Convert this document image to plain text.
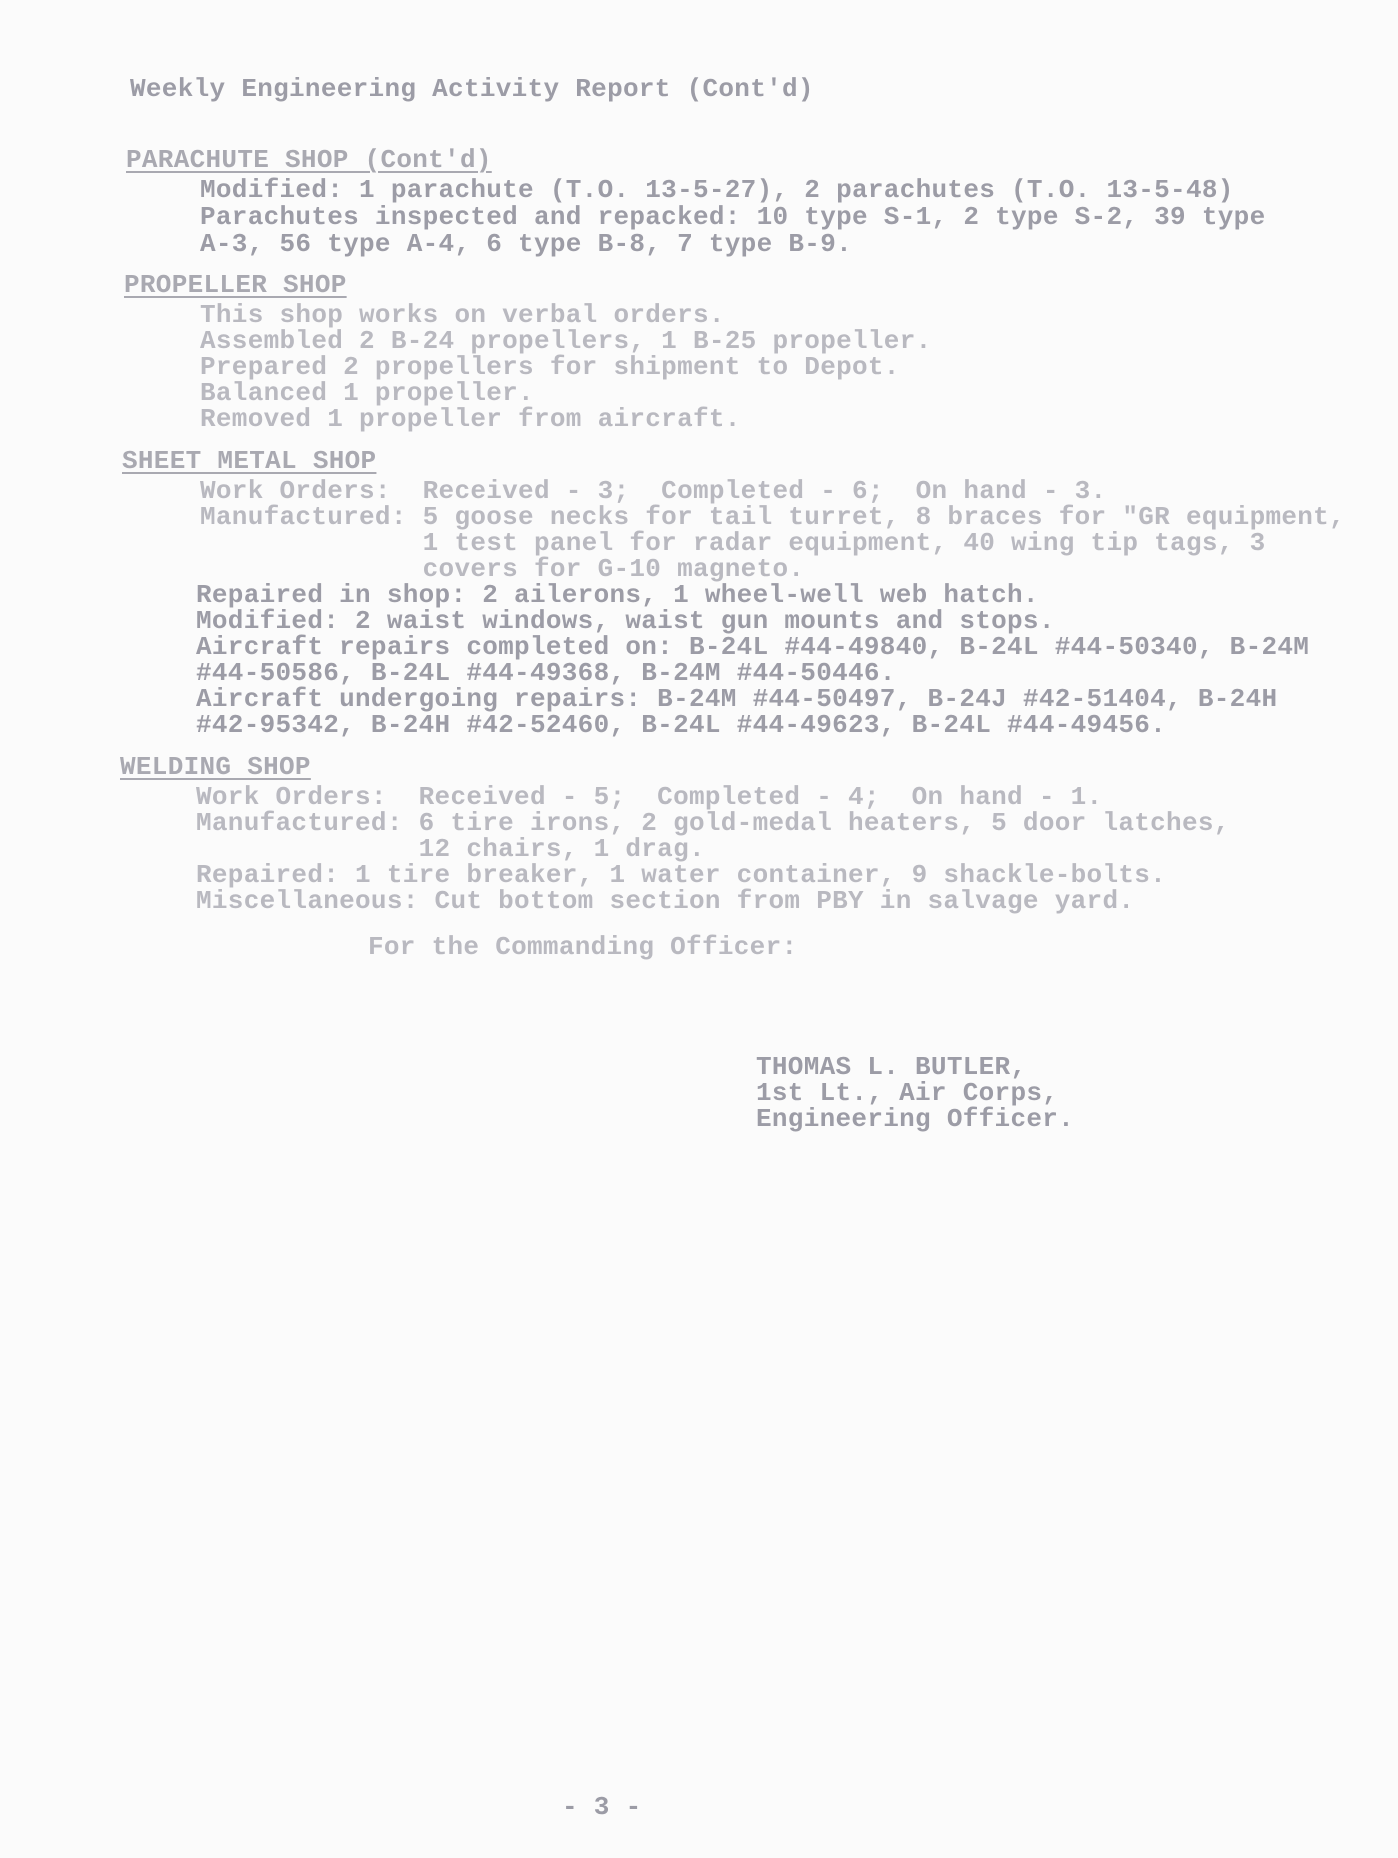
Weekly Engineering Activity Report (Cont'd)
PARACHUTE SHOP (Cont'd)
Modified: 1 parachute (T.O. 13-5-27), 2 parachutes (T.O. 13-5-48)
Parachutes inspected and repacked: 10 type S-1, 2 type S-2, 39 type
A-3, 56 type A-4, 6 type B-8, 7 type B-9.
PROPELLER SHOP
This shop works on verbal orders.
Assembled 2 B-24 propellers, 1 B-25 propeller.
Prepared 2 propellers for shipment to Depot.
Balanced 1 propeller.
Removed 1 propeller from aircraft.
SHEET METAL SHOP
Work Orders:  Received - 3;  Completed - 6;  On hand - 3.
Manufactured: 5 goose necks for tail turret, 8 braces for "GR equipment,
1 test panel for radar equipment, 40 wing tip tags, 3
covers for G-10 magneto.
Repaired in shop: 2 ailerons, 1 wheel-well web hatch.
Modified: 2 waist windows, waist gun mounts and stops.
Aircraft repairs completed on: B-24L #44-49840, B-24L #44-50340, B-24M
#44-50586, B-24L #44-49368, B-24M #44-50446.
Aircraft undergoing repairs: B-24M #44-50497, B-24J #42-51404, B-24H
#42-95342, B-24H #42-52460, B-24L #44-49623, B-24L #44-49456.
WELDING SHOP
Work Orders:  Received - 5;  Completed - 4;  On hand - 1.
Manufactured: 6 tire irons, 2 gold-medal heaters, 5 door latches,
12 chairs, 1 drag.
Repaired: 1 tire breaker, 1 water container, 9 shackle-bolts.
Miscellaneous: Cut bottom section from PBY in salvage yard.
For the Commanding Officer:
THOMAS L. BUTLER,
1st Lt., Air Corps,
Engineering Officer.
- 3 -
